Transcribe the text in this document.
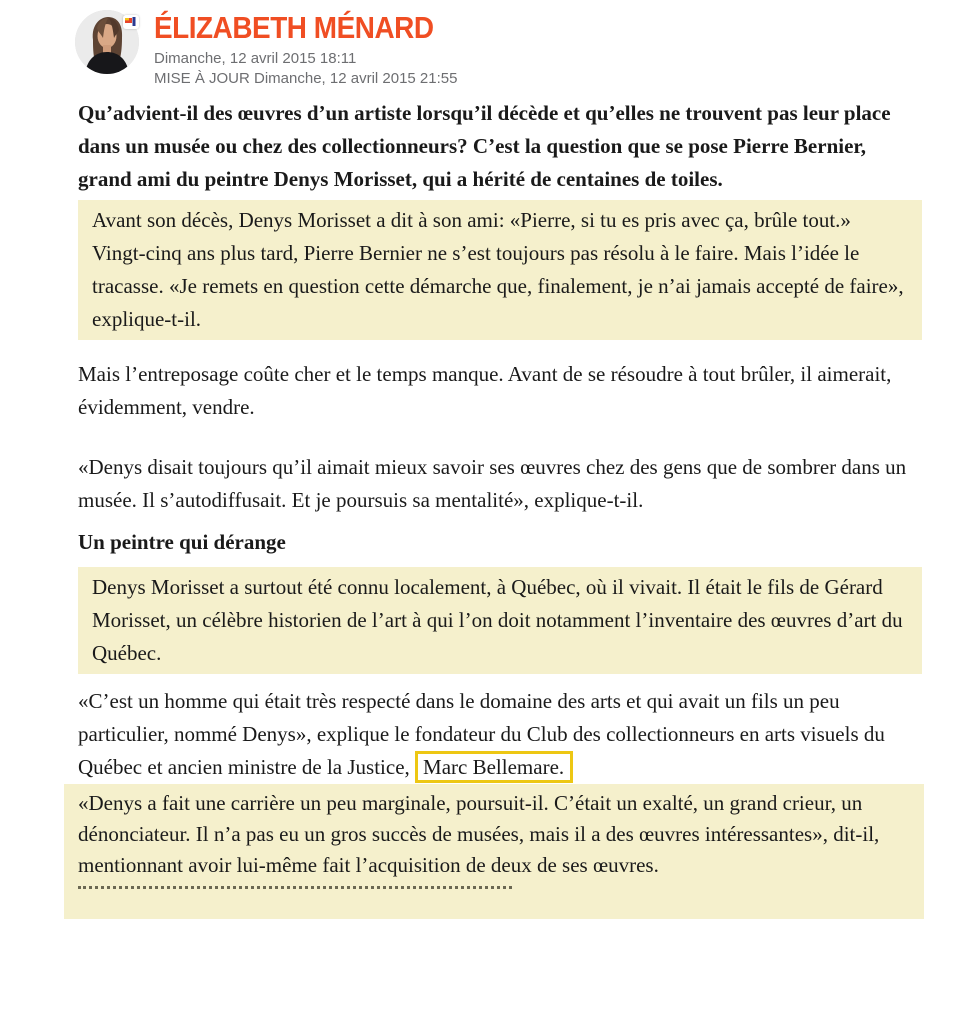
ÉLIZABETH MÉNARD
Dimanche, 12 avril 2015 18:11
MISE À JOUR Dimanche, 12 avril 2015 21:55

Qu’advient-il des œuvres d’un artiste lorsqu’il décède et qu’elles ne trouvent pas leur place dans un musée ou chez des collectionneurs? C’est la question que se pose Pierre Bernier, grand ami du peintre Denys Morisset, qui a hérité de centaines de toiles.

Avant son décès, Denys Morisset a dit à son ami: «Pierre, si tu es pris avec ça, brûle tout.» Vingt-cinq ans plus tard, Pierre Bernier ne s’est toujours pas résolu à le faire. Mais l’idée le tracasse. «Je remets en question cette démarche que, finalement, je n’ai jamais accepté de faire», explique-t-il.

Mais l’entreposage coûte cher et le temps manque. Avant de se résoudre à tout brûler, il aimerait, évidemment, vendre.

«Denys disait toujours qu’il aimait mieux savoir ses œuvres chez des gens que de sombrer dans un musée. Il s’autodiffusait. Et je poursuis sa mentalité», explique-t-il.

Un peintre qui dérange

Denys Morisset a surtout été connu localement, à Québec, où il vivait. Il était le fils de Gérard Morisset, un célèbre historien de l’art à qui l’on doit notamment l’inventaire des œuvres d’art du Québec.

«C’est un homme qui était très respecté dans le domaine des arts et qui avait un fils un peu particulier, nommé Denys», explique le fondateur du Club des collectionneurs en arts visuels du Québec et ancien ministre de la Justice, Marc Bellemare.

«Denys a fait une carrière un peu marginale, poursuit-il. C’était un exalté, un grand crieur, un dénonciateur. Il n’a pas eu un gros succès de musées, mais il a des œuvres intéressantes», dit-il, mentionnant avoir lui-même fait l’acquisition de deux de ses œuvres.
